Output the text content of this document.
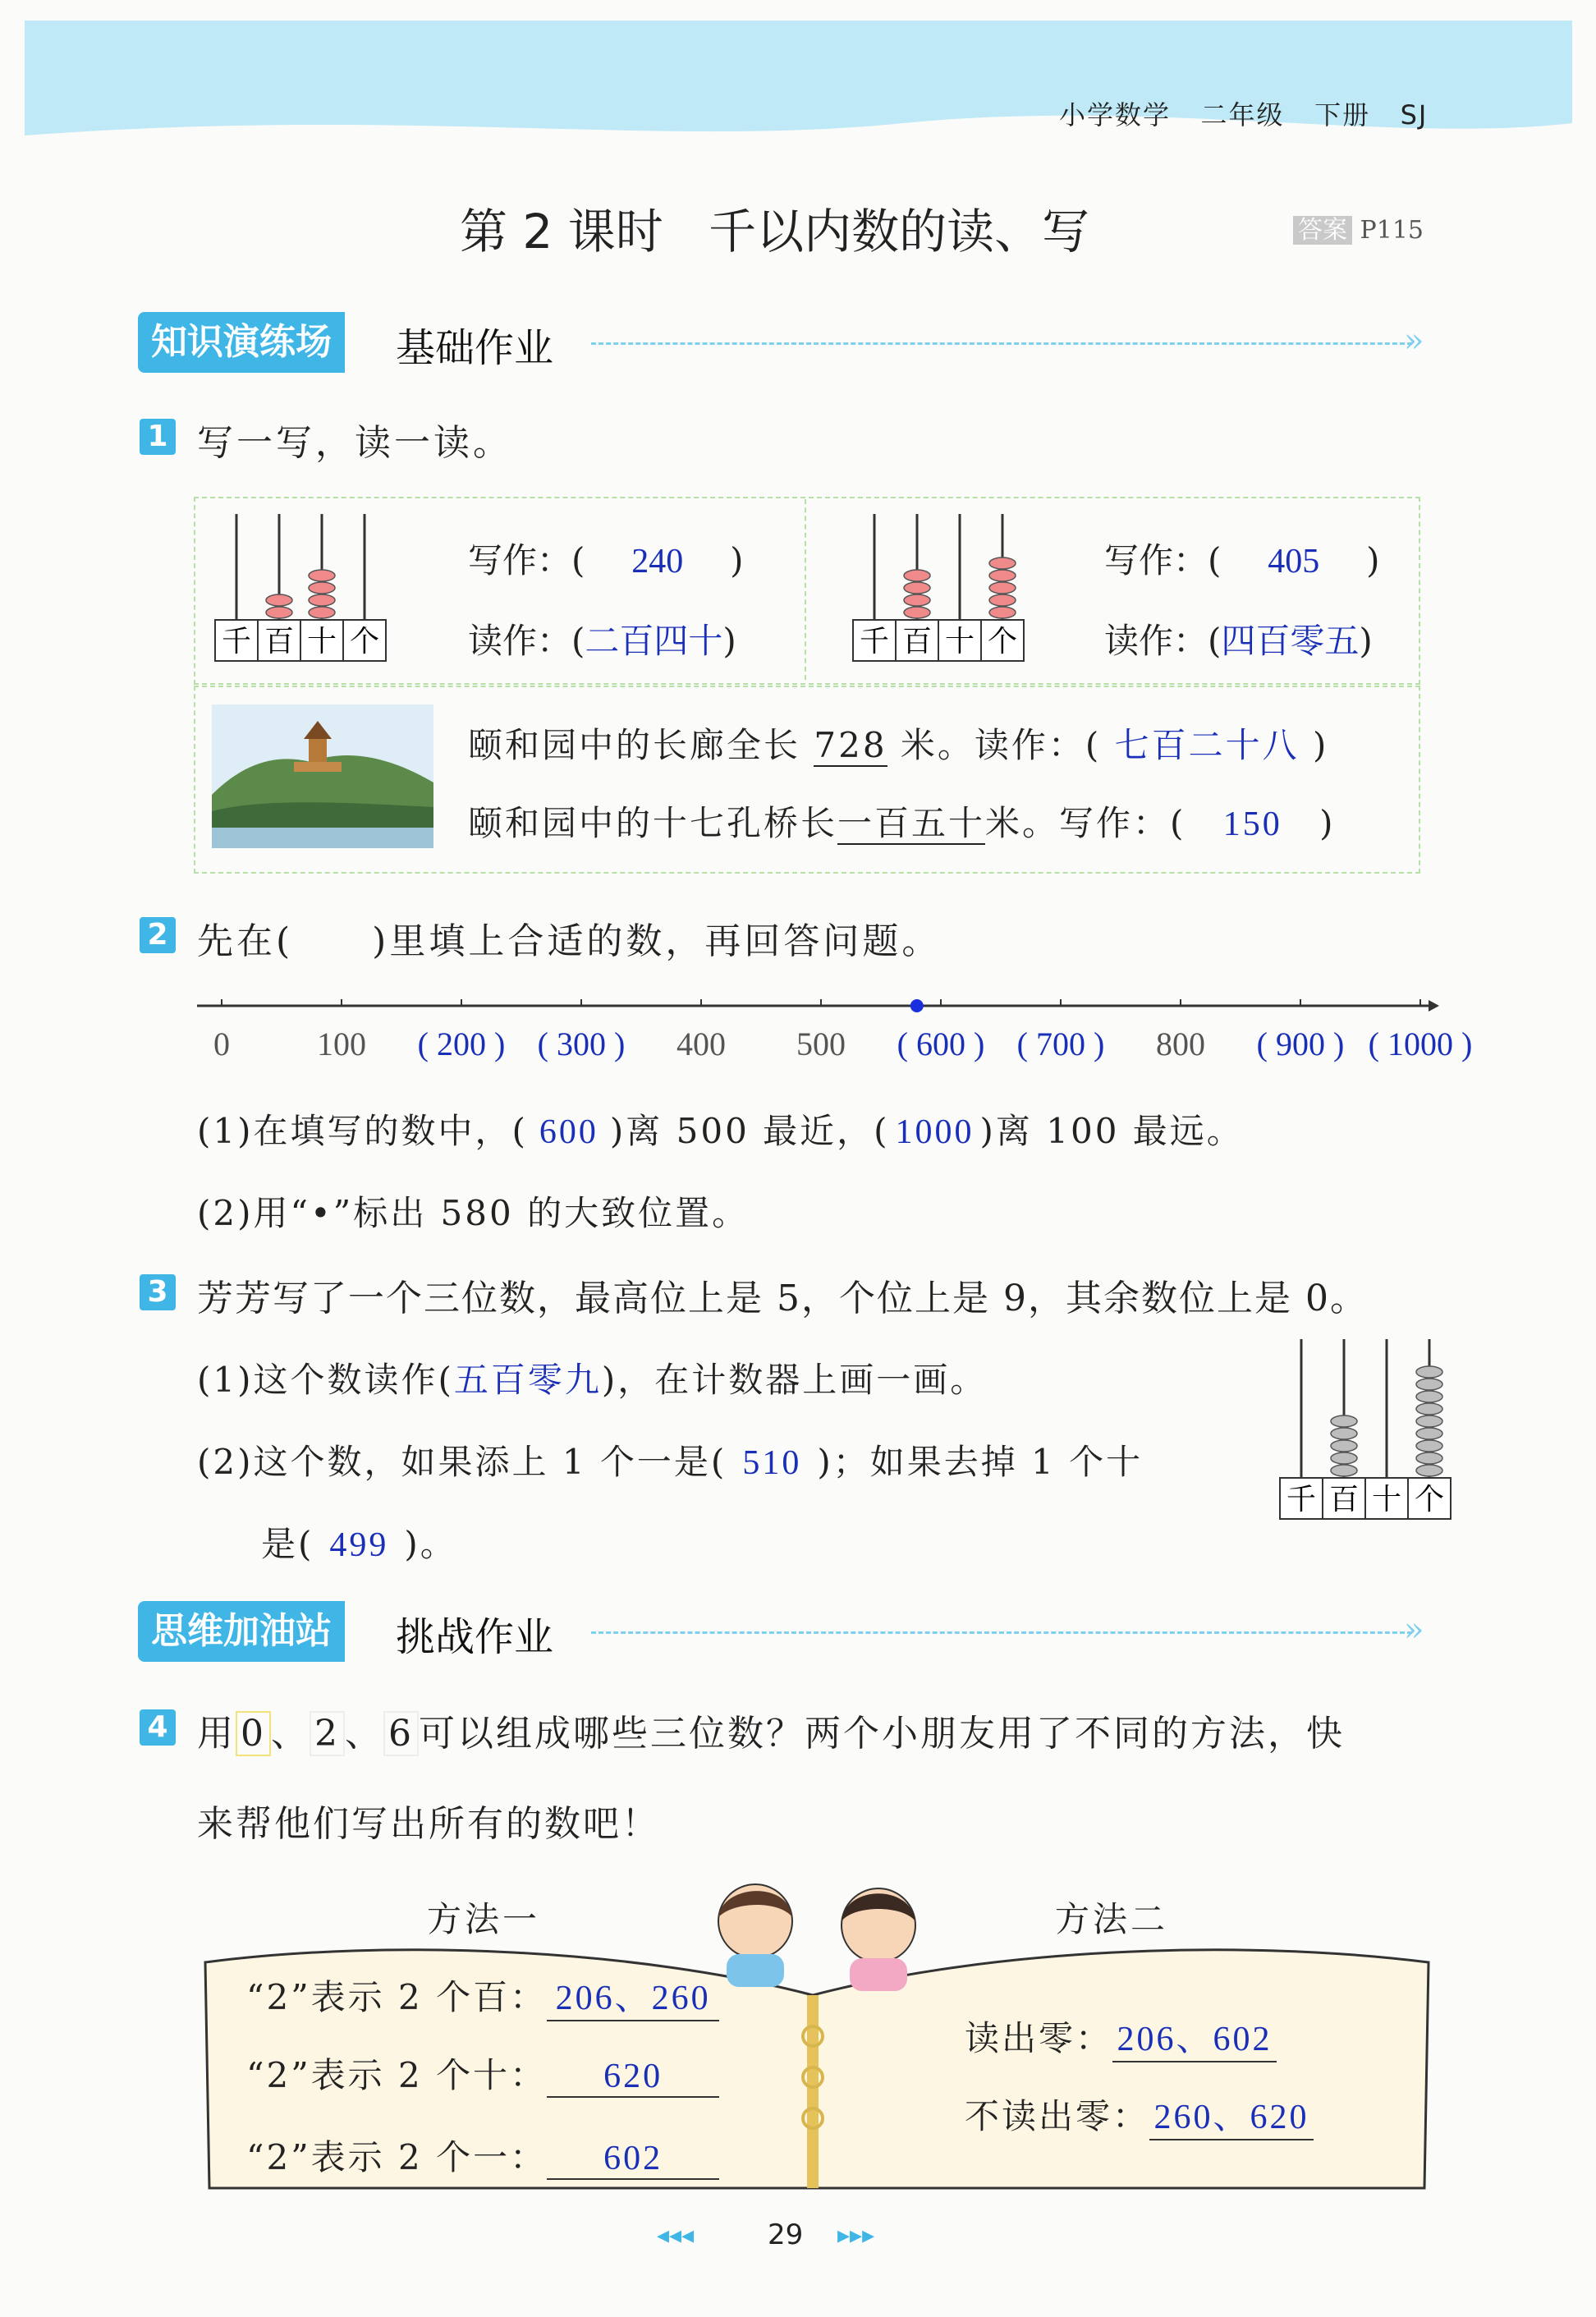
小学数学 二年级 下册 SJ
第 2 课时 千以内数的读、写	答案 P115
知识演练场	基础作业	»
1 写一写，读一读。
千 百 十 个
写作：( 240 )
读作：(二百四十)	千 百 十 个
写作：( 405 )
读作：(四百零五)
颐和园中的长廊全长 728 米。读作：( 七百二十八 )
颐和园中的十七孔桥长一百五十米。写作：( 150 )
2 先在(　　)里填上合适的数，再回答问题。
0	100 ( 200 ) ( 300 ) 400 500 ( 600 ) ( 700 ) 800 ( 900 ) ( 1000 )
(1)在填写的数中，( 600 )离 500 最近，( 1000 )离 100 最远。
(2)用“•”标出 580 的大致位置。
3 芳芳写了一个三位数，最高位上是 5，个位上是 9，其余数位上是 0。
(1)这个数读作(五百零九)，在计数器上画一画。
(2)这个数，如果添上 1 个一是( 510 )；如果去掉 1 个十
是( 499 )。
千 百 十 个
思维加油站	挑战作业	»
4 用 0 、 2 、 6 可以组成哪些三位数？两个小朋友用了不同的方法，快
来帮他们写出所有的数吧！
方法一	方法二
“2”表示 2 个百： 206、260
“2”表示 2 个十： 620
“2”表示 2 个一： 602
读出零： 206、602
不读出零： 260、620
◂◂◂	29 ▸▸▸
